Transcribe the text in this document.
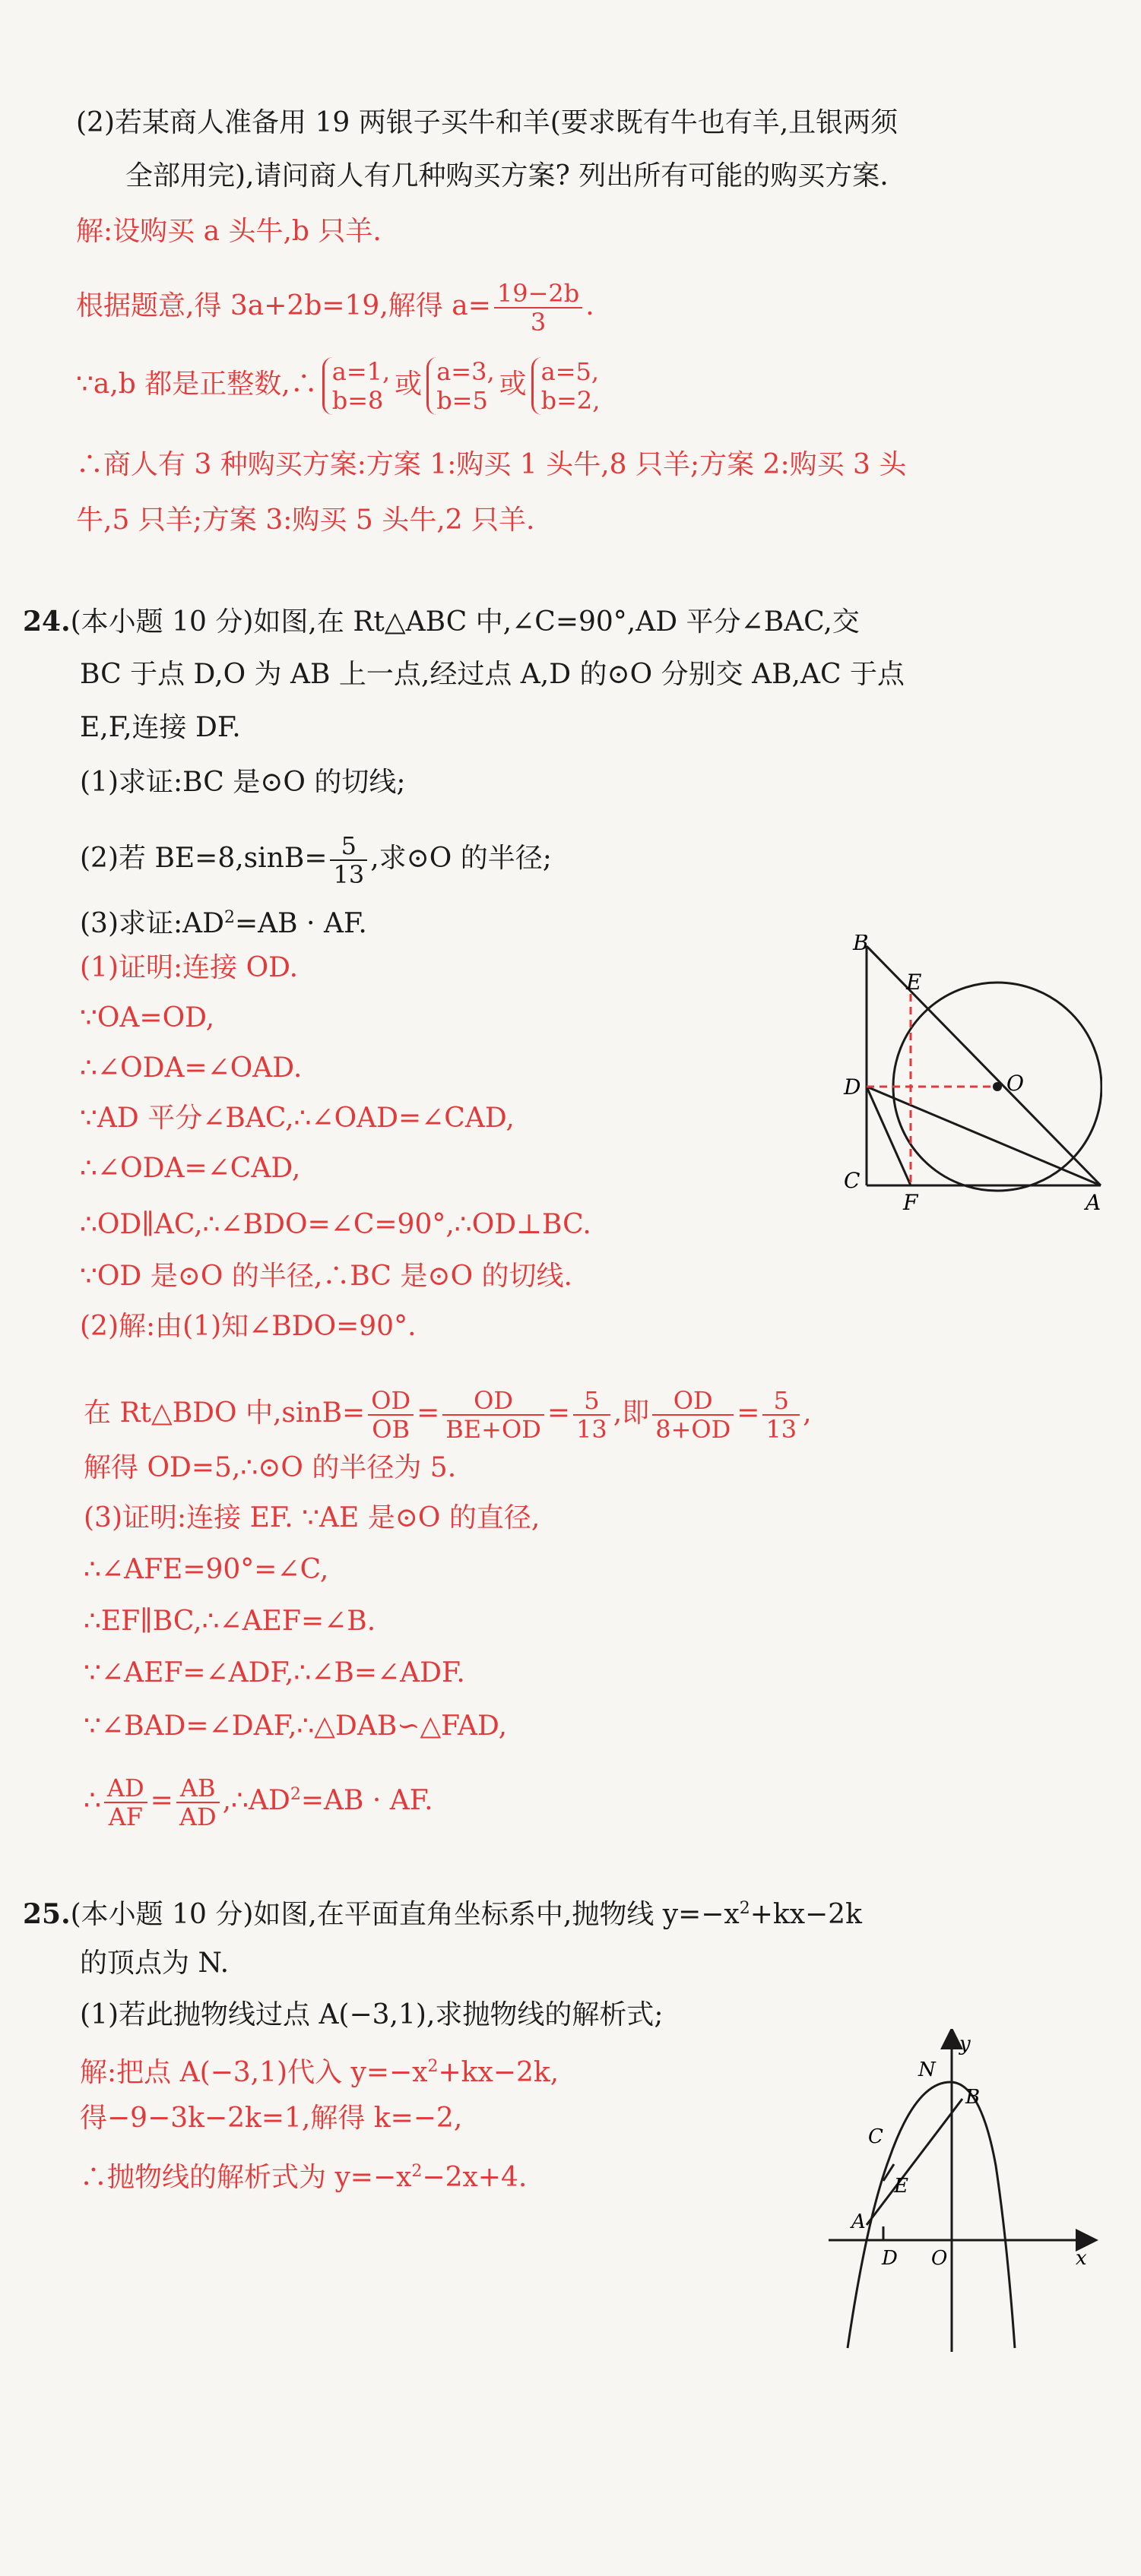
(2)若某商人准备用 19 两银子买牛和羊(要求既有牛也有羊,且银两须
全部用完),请问商人有几种购买方案? 列出所有可能的购买方案.
解:设购买 a 头牛,b 只羊.
根据题意,得 3a+2b=19,解得 $a= \frac{19-2b}{3}$ .
∵a,b 都是正整数,∴ a=1,
b=8
或 a=3,
b=5
或 a=5,
b=2,
∴商人有 3 种购买方案:方案 1:购买 1 头牛,8 只羊;方案 2:购买 3 头
牛,5 只羊;方案 3:购买 5 头牛,2 只羊.
24.(本小题 10 分)如图,在 Rt△ABC 中,∠C=90°,AD 平分∠BAC,交
BC 于点 D,O 为 AB 上一点,经过点 A,D 的⊙O 分别交 AB,AC 于点
E,F,连接 DF.
(1)求证:BC 是⊙O 的切线;
(2)若 $BE=8,\sin B= \frac{5}{13}$ ,求⊙O 的半径;
(3)求证$:AD^2=AB$ · AF.
(1)证明:连接 OD.
∵OA=OD,
∴∠ODA=∠OAD.
∵AD 平分∠BAC,∴∠OAD=∠CAD,
∴∠ODA=∠CAD,
∴OD∥AC,∴∠BDO=∠C=90°,∴OD⊥BC.
∵OD 是⊙O 的半径,∴BC 是⊙O 的切线.
(2)解:由(1)知∠BDO=90°.
在 Rt△BDO 中$,\sin B= \frac{OD}{OB} = \frac{OD}{BE+OD} = \frac{5}{13}$ ,即 $\frac{OD}{8+OD} = \frac{5}{13}$ ,
解得 OD=5,∴⊙O 的半径为 5.
(3)证明:连接 EF. ∵AE 是⊙O 的直径,
∴∠AFE=90°=∠C,
∴EF∥BC,∴∠AEF=∠B.
∵∠AEF=∠ADF,∴∠B=∠ADF.
∵∠BAD=∠DAF,∴△DAB∽△FAD,
∴ $\frac{AD}{AF} = \frac{AB}{AD}$ $,\therefore AD^2=AB$ · AF.
B
E
D	O
C
F	A
25.(本小题 10 分)如图,在平面直角坐标系中,抛物线 $y=-x^2+kx-2k$
的顶点为 N.
(1)若此抛物线过点 A(−3,1),求抛物线的解析式;
解:把点 A(−3,1)代入 $y=-x^2+kx-2k$,
得−9−3k−2k=1,解得 k=−2,
∴抛物线的解析式为 $y=-x^2-2x+4$.
y
x
N
B
C
E
A
D O
